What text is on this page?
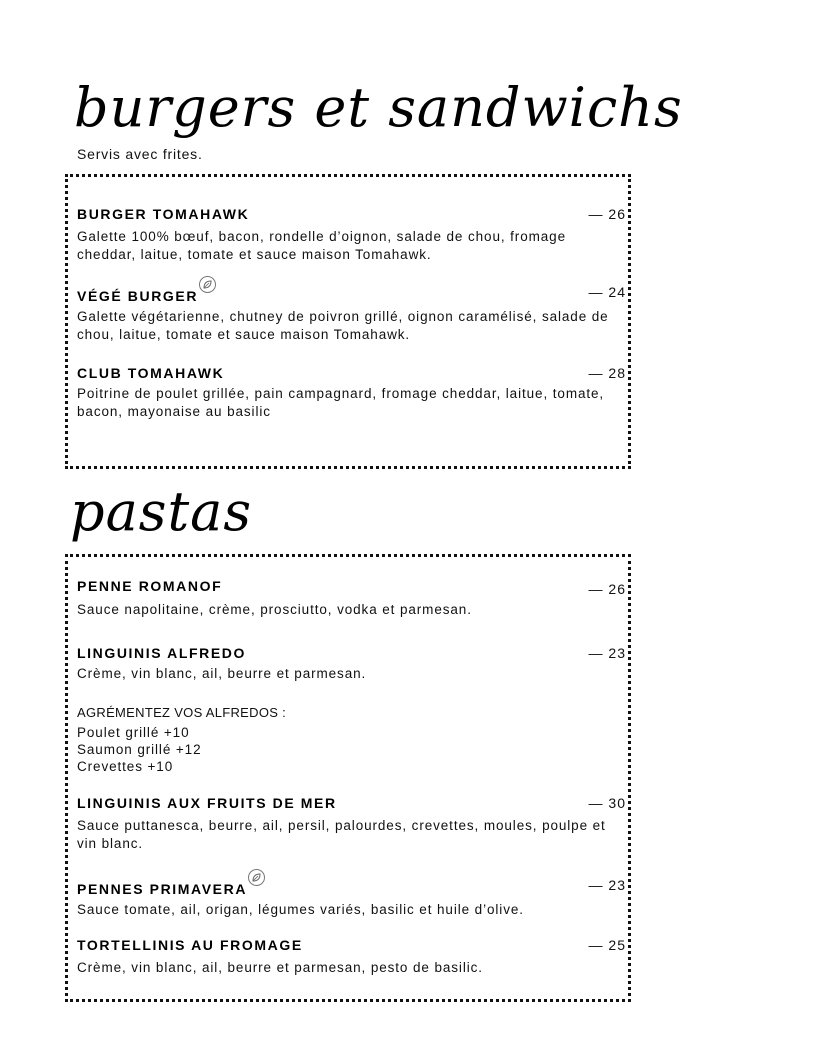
burgers et sandwichs
Servis avec frites.
BURGER TOMAHAWK	— 26
Galette 100% bœuf, bacon, rondelle d’oignon, salade de chou, fromage cheddar, laitue, tomate et sauce maison Tomahawk.
VÉGÉ BURGER	— 24
Galette végétarienne, chutney de poivron grillé, oignon caramélisé, salade de chou, laitue, tomate et sauce maison Tomahawk.
CLUB TOMAHAWK	— 28
Poitrine de poulet grillée, pain campagnard, fromage cheddar, laitue, tomate, bacon, mayonaise au basilic
pastas
PENNE ROMANOF	— 26
Sauce napolitaine, crème, prosciutto, vodka et parmesan.
LINGUINIS ALFREDO	— 23
Crème, vin blanc, ail, beurre et parmesan.
AGRÉMENTEZ VOS ALFREDOS :
Poulet grillé +10
Saumon grillé +12
Crevettes +10
LINGUINIS AUX FRUITS DE MER	— 30
Sauce puttanesca, beurre, ail, persil, palourdes, crevettes, moules, poulpe et vin blanc.
PENNES PRIMAVERA	— 23
Sauce tomate, ail, origan, légumes variés, basilic et huile d’olive.
TORTELLINIS AU FROMAGE	— 25
Crème, vin blanc, ail, beurre et parmesan, pesto de basilic.
